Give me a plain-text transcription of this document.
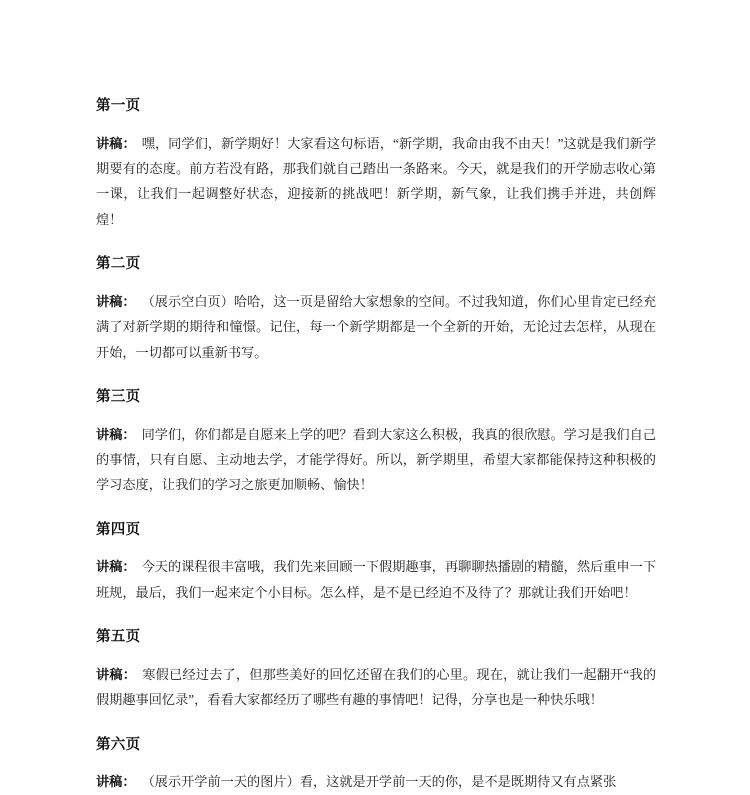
第一页

讲稿： 嘿，同学们，新学期好！大家看这句标语，“新学期，我命由我不由天！”这就是我们新学期要有的态度。前方若没有路，那我们就自己踏出一条路来。今天，就是我们的开学励志收心第一课，让我们一起调整好状态，迎接新的挑战吧！新学期，新气象，让我们携手并进，共创辉煌！

第二页

讲稿： （展示空白页）哈哈，这一页是留给大家想象的空间。不过我知道，你们心里肯定已经充满了对新学期的期待和憧憬。记住，每一个新学期都是一个全新的开始，无论过去怎样，从现在开始，一切都可以重新书写。

第三页

讲稿： 同学们，你们都是自愿来上学的吧？看到大家这么积极，我真的很欣慰。学习是我们自己的事情，只有自愿、主动地去学，才能学得好。所以，新学期里，希望大家都能保持这种积极的学习态度，让我们的学习之旅更加顺畅、愉快！

第四页

讲稿： 今天的课程很丰富哦，我们先来回顾一下假期趣事，再聊聊热播剧的精髓，然后重申一下班规，最后，我们一起来定个小目标。怎么样，是不是已经迫不及待了？那就让我们开始吧！

第五页

讲稿： 寒假已经过去了，但那些美好的回忆还留在我们的心里。现在，就让我们一起翻开“我的假期趣事回忆录”，看看大家都经历了哪些有趣的事情吧！记得，分享也是一种快乐哦！

第六页

讲稿： （展示开学前一天的图片）看，这就是开学前一天的你，是不是既期待又有点紧张
